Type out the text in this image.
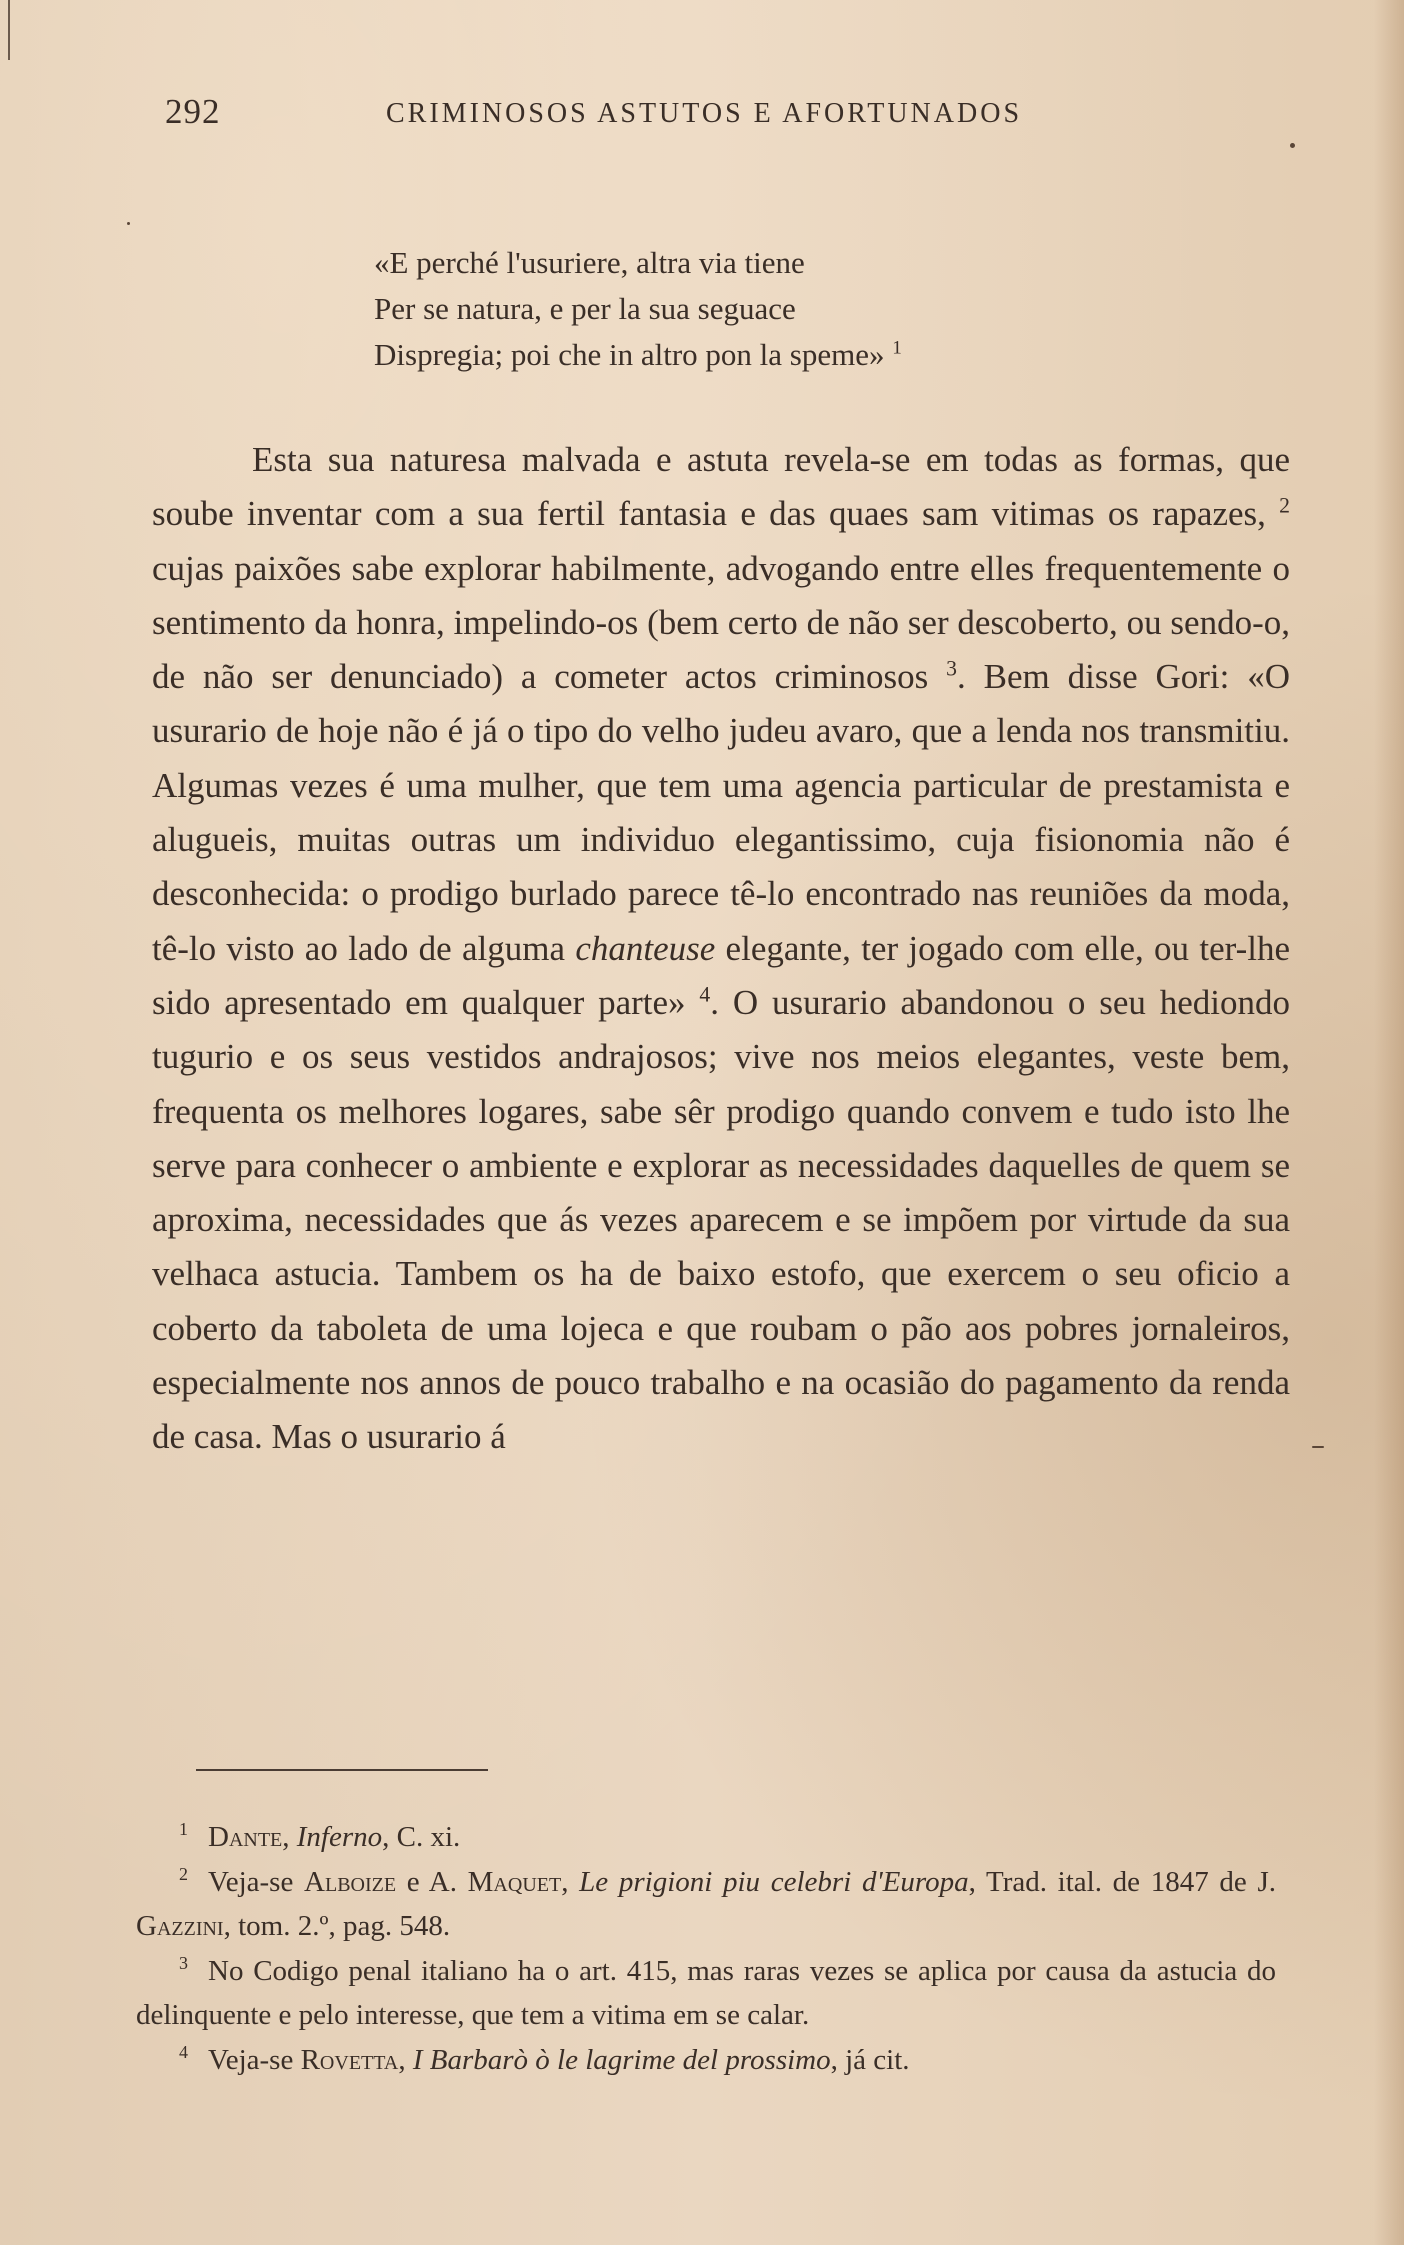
292	CRIMINOSOS ASTUTOS E AFORTUNADOS
«E perché l'usuriere, altra via tiene
Per se natura, e per la sua seguace
Dispregia; poi che in altro pon la speme» $^1$

Esta sua naturesa malvada e astuta revela-se em todas as formas, que soube inventar com a sua fertil fantasia e das quaes sam vitimas os rapazes, $^2$ cujas paixões sabe explorar habilmente, advogando entre elles frequentemente o sentimento da honra, impelindo-os (bem certo de não ser descoberto, ou sendo-o, de não ser denunciado) a cometer actos criminosos $^3$. Bem disse Gori: «O usurario de hoje não é já o tipo do velho judeu avaro, que a lenda nos transmitiu. Algumas vezes é uma mulher, que tem uma agencia particular de prestamista e alugueis, muitas outras um individuo elegantissimo, cuja fisionomia não é desconhecida: o prodigo burlado parece tê-lo encontrado nas reuniões da moda, tê-lo visto ao lado de alguma chanteuse elegante, ter jogado com elle, ou ter-lhe sido apresentado em qualquer parte» $^4$. O usurario abandonou o seu hediondo tugurio e os seus vestidos andrajosos; vive nos meios elegantes, veste bem, frequenta os melhores logares, sabe sêr prodigo quando convem e tudo isto lhe serve para conhecer o ambiente e explorar as necessidades daquelles de quem se aproxima, necessidades que ás vezes aparecem e se impõem por virtude da sua velhaca astucia. Tambem os ha de baixo estofo, que exercem o seu oficio a coberto da taboleta de uma lojeca e que roubam o pão aos pobres jornaleiros, especialmente nos annos de pouco trabalho e na ocasião do pagamento da renda de casa. Mas o usurario á

1 Dante, Inferno, C. xi.

2 Veja-se Alboize e A. Maquet, Le prigioni piu celebri d'Europa, Trad. ital. de 1847 de J. Gazzini, tom. 2.º, pag. 548.

3 No Codigo penal italiano ha o art. 415, mas raras vezes se aplica por causa da astucia do delinquente e pelo interesse, que tem a vitima em se calar.

4 Veja-se Rovetta, I Barbarò ò le lagrime del prossimo, já cit.
